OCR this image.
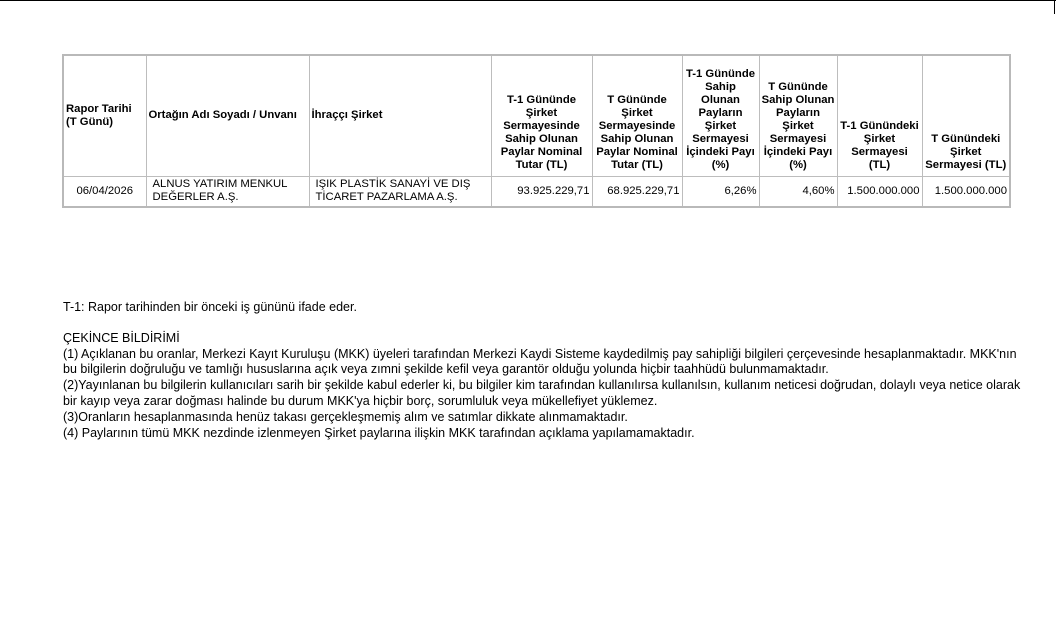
Rapor Tarihi (T Günü)	Ortağın Adı Soyadı / Unvanı	İhraççı Şirket	T-1 Gününde Şirket Sermayesinde Sahip Olunan Paylar Nominal Tutar (TL)	T Gününde Şirket Sermayesinde Sahip Olunan Paylar Nominal Tutar (TL)	T-1 Gününde Sahip Olunan Payların Şirket Sermayesi İçindeki Payı (%)	T Gününde Sahip Olunan Payların Şirket Sermayesi İçindeki Payı (%)	T-1 Günündeki Şirket Sermayesi (TL)	T Günündeki Şirket Sermayesi (TL)
06/04/2026	ALNUS YATIRIM MENKUL DEĞERLER A.Ş.	IŞIK PLASTİK SANAYİ VE DIŞ TİCARET PAZARLAMA A.Ş.	93.925.229,71	68.925.229,71	6,26%	4,60%	1.500.000.000	1.500.000.000

T-1: Rapor tarihinden bir önceki iş gününü ifade eder.

ÇEKİNCE BİLDİRİMİ

(1) Açıklanan bu oranlar, Merkezi Kayıt Kuruluşu (MKK) üyeleri tarafından Merkezi Kaydi Sisteme kaydedilmiş pay sahipliği bilgileri çerçevesinde hesaplanmaktadır. MKK'nın bu bilgilerin doğruluğu ve tamlığı hususlarına açık veya zımni şekilde kefil veya garantör olduğu yolunda hiçbir taahhüdü bulunmamaktadır.

(2)Yayınlanan bu bilgilerin kullanıcıları sarih bir şekilde kabul ederler ki, bu bilgiler kim tarafından kullanılırsa kullanılsın, kullanım neticesi doğrudan, dolaylı veya netice olarak bir kayıp veya zarar doğması halinde bu durum MKK'ya hiçbir borç, sorumluluk veya mükellefiyet yüklemez.

(3)Oranların hesaplanmasında henüz takası gerçekleşmemiş alım ve satımlar dikkate alınmamaktadır.

(4) Paylarının tümü MKK nezdinde izlenmeyen Şirket paylarına ilişkin MKK tarafından açıklama yapılamamaktadır.
